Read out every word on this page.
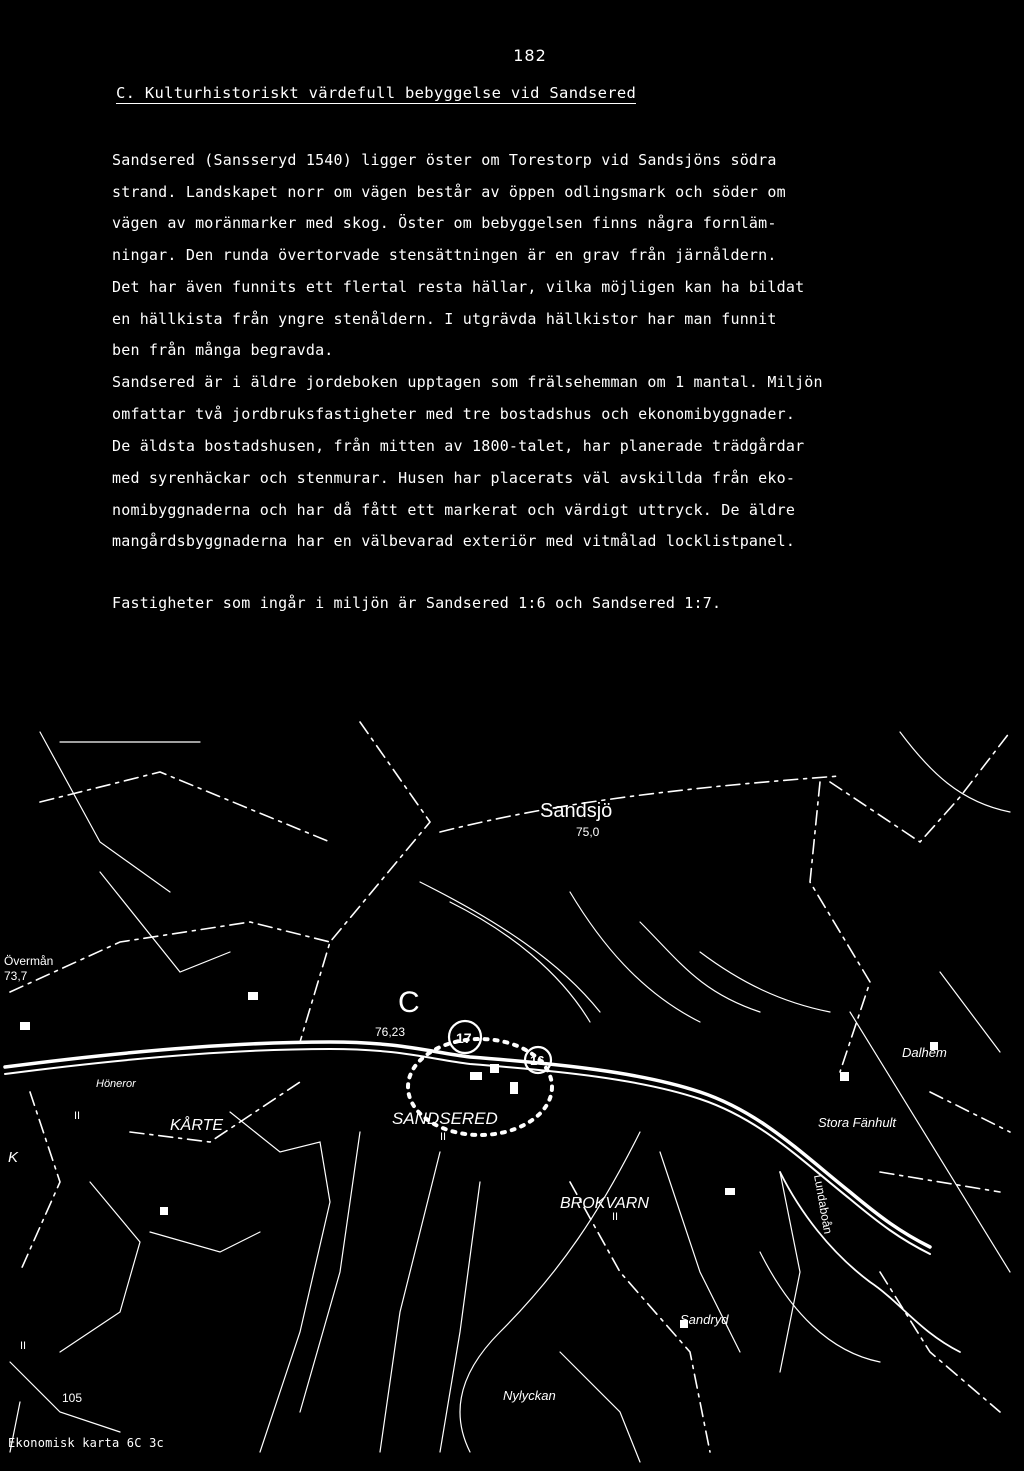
182
C. Kulturhistoriskt värdefull bebyggelse vid Sandsered
Sandsered (Sansseryd 1540) ligger öster om Torestorp vid Sandsjöns södra
strand. Landskapet norr om vägen består av öppen odlingsmark och söder om
vägen av moränmarker med skog. Öster om bebyggelsen finns några fornläm-
ningar. Den runda övertorvade stensättningen är en grav från järnåldern.
Det har även funnits ett flertal resta hällar, vilka möjligen kan ha bildat
en hällkista från yngre stenåldern. I utgrävda hällkistor har man funnit
ben från många begravda.
Sandsered är i äldre jordeboken upptagen som frälsehemman om 1 mantal. Miljön
omfattar två jordbruksfastigheter med tre bostadshus och ekonomibyggnader.
De äldsta bostadshusen, från mitten av 1800-talet, har planerade trädgårdar
med syrenhäckar och stenmurar. Husen har placerats väl avskillda från eko-
nomibyggnaderna och har då fått ett markerat och värdigt uttryck. De äldre
mangårdsbyggnaderna har en välbevarad exteriör med vitmålad locklistpanel.
Fastigheter som ingår i miljön är Sandsered 1:6 och Sandsered 1:7.
Sandsjö
75,0
C
76,23
73,7
105
17
16
SANDSERED
KÅRTE
BROKVARN
Dalhem
Stora Fänhult
Sandryd
Nylyckan
Höneror
Övermån
Lundaboån
K
II
II
II
II
Ekonomisk karta 6C 3c
